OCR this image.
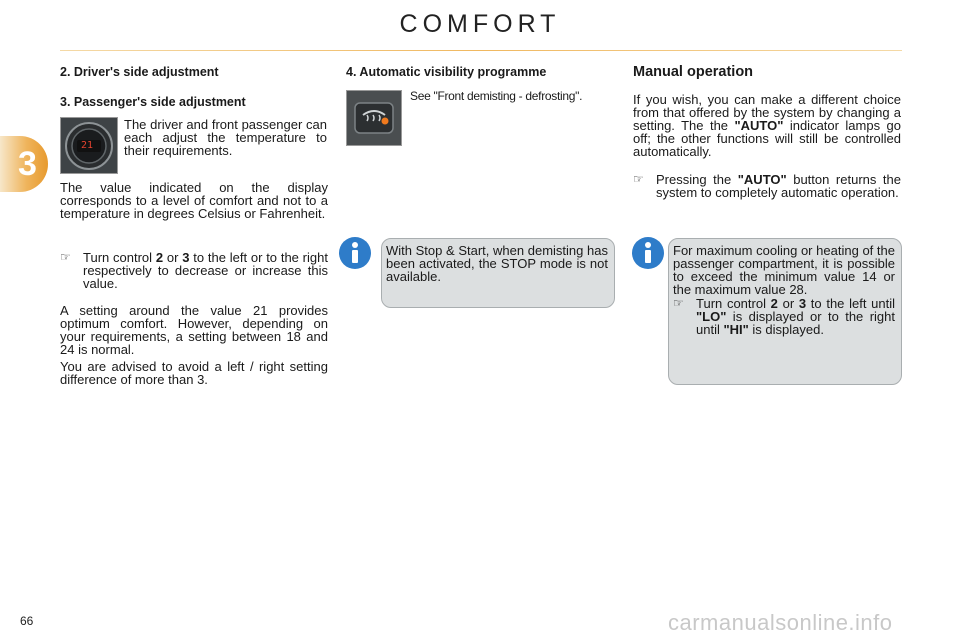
COMFORT
3

2. Driver's side adjustment

3. Passenger's side adjustment

21

The driver and front passenger can each adjust the temperature to their requirements.

The value indicated on the display corresponds to a level of comfort and not to a temperature in degrees Celsius or Fahrenheit.

☞ Turn control 2 or 3 to the left or to the right respectively to decrease or increase this value.

A setting around the value 21 provides optimum comfort. However, depending on your requirements, a setting between 18 and 24 is normal.

You are advised to avoid a left / right setting difference of more than 3.

4. Automatic visibility programme

See "Front demisting - defrosting".

With Stop & Start, when demisting has been activated, the STOP mode is not available.

Manual operation

If you wish, you can make a different choice from that offered by the system by changing a setting. The the "AUTO" indicator lamps go off; the other functions will still be controlled automatically.

☞ Pressing the "AUTO" button returns the system to completely automatic operation.

For maximum cooling or heating of the passenger compartment, it is possible to exceed the minimum value 14 or the maximum value 28.

☞ Turn control 2 or 3 to the left until "LO" is displayed or to the right until "HI" is displayed.
66	carmanualsonline.info
